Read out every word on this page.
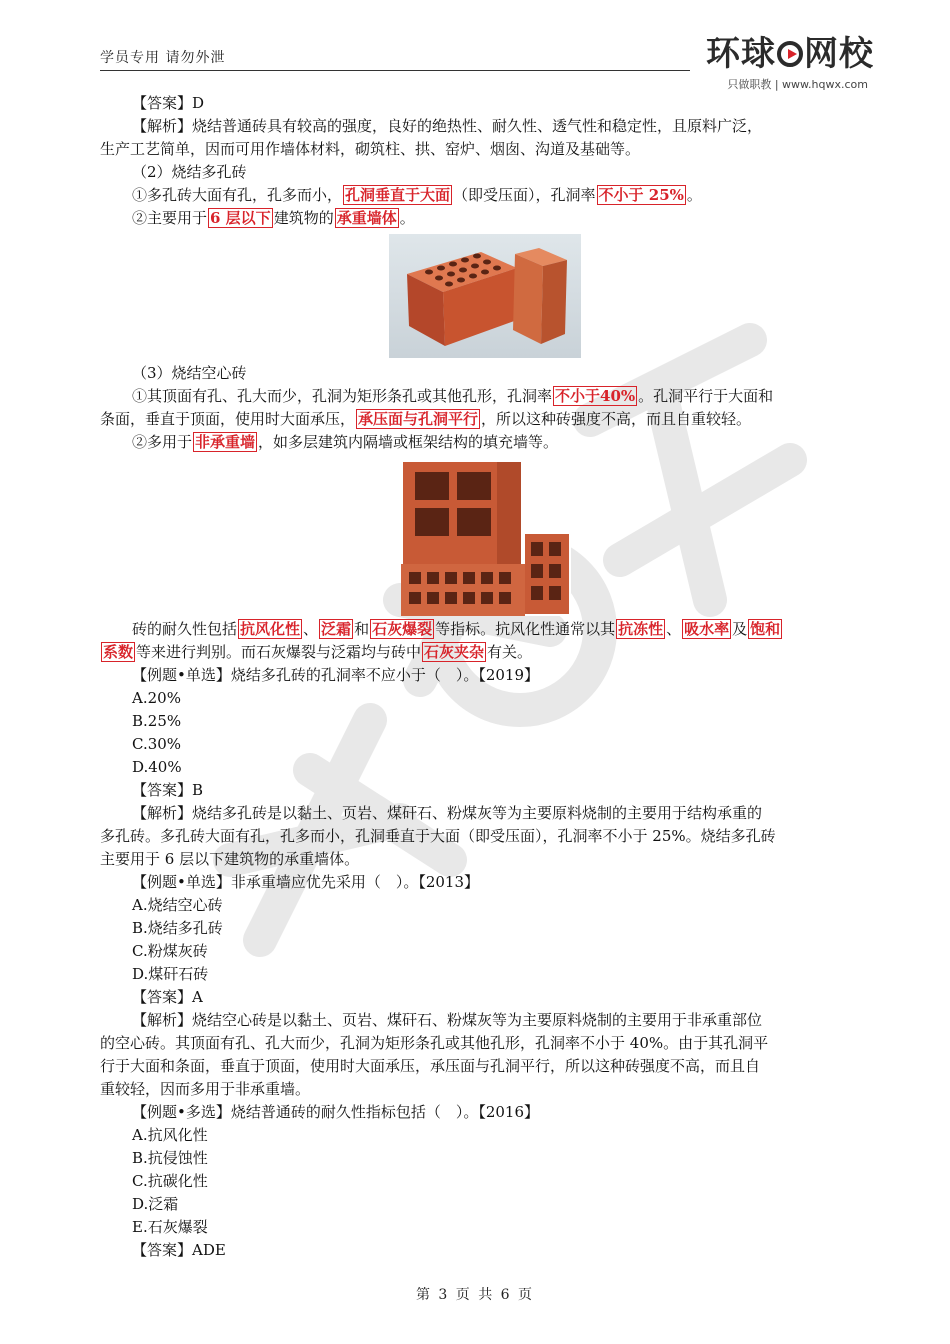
学员专用 请勿外泄	环球 网校
只做职教 | www.hqwx.com
【答案】D
【解析】烧结普通砖具有较高的强度，良好的绝热性、耐久性、透气性和稳定性，且原料广泛，
生产工艺简单，因而可用作墙体材料，砌筑柱、拱、窑炉、烟囱、沟道及基础等。
（2）烧结多孔砖
①多孔砖大面有孔，孔多而小， 孔洞垂直于大面 （即受压面），孔洞率 不小于 25% 。
②主要用于 6 层以下 建筑物的 承重墙体 。
（3）烧结空心砖
①其顶面有孔、孔大而少，孔洞为矩形条孔或其他孔形，孔洞率 不小于40% 。孔洞平行于大面和
条面，垂直于顶面，使用时大面承压， 承压面与孔洞平行 ，所以这种砖强度不高，而且自重较轻。
②多用于 非承重墙 ，如多层建筑内隔墙或框架结构的填充墙等。
砖的耐久性包括 抗风化性 、 泛霜 和 石灰爆裂 等指标。抗风化性通常以其 抗冻性 、 吸水率 及 饱和
系数 等来进行判别。而石灰爆裂与泛霜均与砖中 石灰夹杂 有关。
【例题•单选】烧结多孔砖的孔洞率不应小于（　）。【2019】
A.20%
B.25%
C.30%
D.40%
【答案】B
【解析】烧结多孔砖是以黏土、页岩、煤矸石、粉煤灰等为主要原料烧制的主要用于结构承重的
多孔砖。多孔砖大面有孔，孔多而小，孔洞垂直于大面（即受压面），孔洞率不小于 25%。烧结多孔砖
主要用于 6 层以下建筑物的承重墙体。
【例题•单选】非承重墙应优先采用（　）。【2013】
A.烧结空心砖
B.烧结多孔砖
C.粉煤灰砖
D.煤矸石砖
【答案】A
【解析】烧结空心砖是以黏土、页岩、煤矸石、粉煤灰等为主要原料烧制的主要用于非承重部位
的空心砖。其顶面有孔、孔大而少，孔洞为矩形条孔或其他孔形，孔洞率不小于 40%。由于其孔洞平
行于大面和条面，垂直于顶面，使用时大面承压，承压面与孔洞平行，所以这种砖强度不高，而且自
重较轻，因而多用于非承重墙。
【例题•多选】烧结普通砖的耐久性指标包括（　）。【2016】
A.抗风化性
B.抗侵蚀性
C.抗碳化性
D.泛霜
E.石灰爆裂
【答案】ADE
第 3 页 共 6 页
